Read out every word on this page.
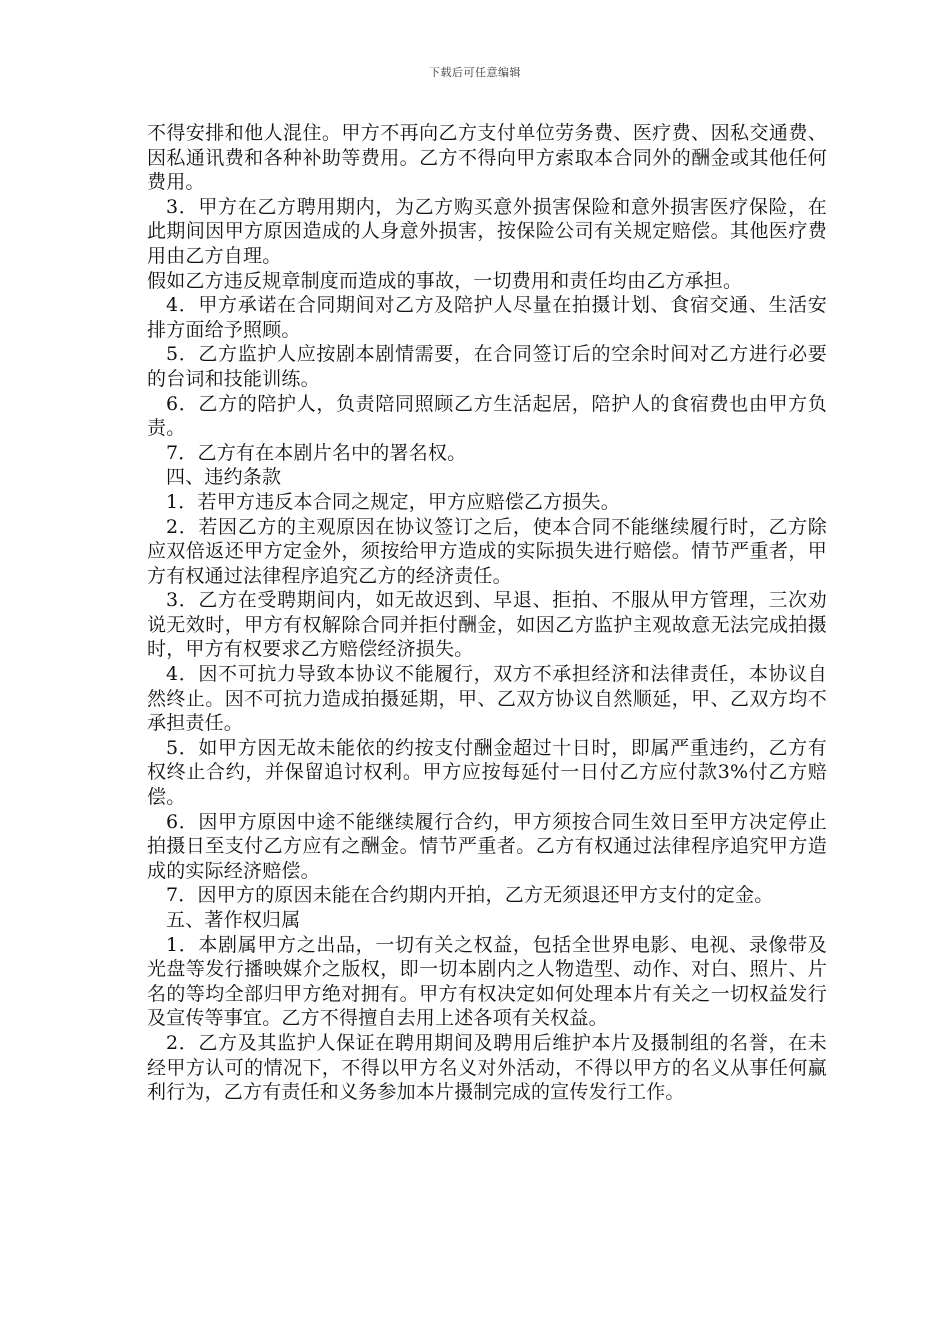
下载后可任意编辑

不得安排和他人混住。甲方不再向乙方支付单位劳务费、医疗费、因私交通费、因私通讯费和各种补助等费用。乙方不得向甲方索取本合同外的酬金或其他任何费用。

3．甲方在乙方聘用期内，为乙方购买意外损害保险和意外损害医疗保险，在此期间因甲方原因造成的人身意外损害，按保险公司有关规定赔偿。其他医疗费用由乙方自理。

假如乙方违反规章制度而造成的事故，一切费用和责任均由乙方承担。

4．甲方承诺在合同期间对乙方及陪护人尽量在拍摄计划、食宿交通、生活安排方面给予照顾。

5．乙方监护人应按剧本剧情需要，在合同签订后的空余时间对乙方进行必要的台词和技能训练。

6．乙方的陪护人，负责陪同照顾乙方生活起居，陪护人的食宿费也由甲方负责。

7．乙方有在本剧片名中的署名权。

四、违约条款

1．若甲方违反本合同之规定，甲方应赔偿乙方损失。

2．若因乙方的主观原因在协议签订之后，使本合同不能继续履行时，乙方除应双倍返还甲方定金外，须按给甲方造成的实际损失进行赔偿。情节严重者，甲方有权通过法律程序追究乙方的经济责任。

3．乙方在受聘期间内，如无故迟到、早退、拒拍、不服从甲方管理，三次劝说无效时，甲方有权解除合同并拒付酬金，如因乙方监护主观故意无法完成拍摄时，甲方有权要求乙方赔偿经济损失。

4．因不可抗力导致本协议不能履行，双方不承担经济和法律责任，本协议自然终止。因不可抗力造成拍摄延期，甲、乙双方协议自然顺延，甲、乙双方均不承担责任。

5．如甲方因无故未能依的约按支付酬金超过十日时，即属严重违约，乙方有权终止合约，并保留追讨权利。甲方应按每延付一日付乙方应付款3%付乙方赔偿。

6．因甲方原因中途不能继续履行合约，甲方须按合同生效日至甲方决定停止拍摄日至支付乙方应有之酬金。情节严重者。乙方有权通过法律程序追究甲方造成的实际经济赔偿。

7．因甲方的原因未能在合约期内开拍，乙方无须退还甲方支付的定金。

五、著作权归属

1．本剧属甲方之出品，一切有关之权益，包括全世界电影、电视、录像带及光盘等发行播映媒介之版权，即一切本剧内之人物造型、动作、对白、照片、片名的等均全部归甲方绝对拥有。甲方有权决定如何处理本片有关之一切权益发行及宣传等事宜。乙方不得擅自去用上述各项有关权益。

2．乙方及其监护人保证在聘用期间及聘用后维护本片及摄制组的名誉，在未经甲方认可的情况下，不得以甲方名义对外活动，不得以甲方的名义从事任何赢利行为，乙方有责任和义务参加本片摄制完成的宣传发行工作。
